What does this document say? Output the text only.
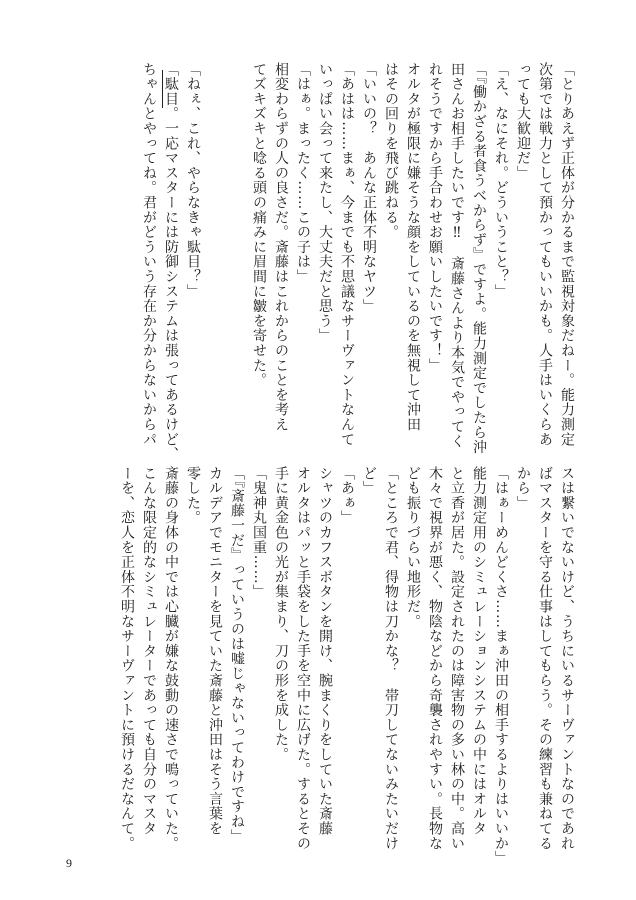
「とりあえず正体が分かるまで監視対象だねー。能力測定
次第では戦力として預かってもいいかも。人手はいくらあ
っても大歓迎だ」
「え、なにそれ。どういうこと？」
「『働かざる者食うべからず』ですよ。能力測定でしたら沖
田さんお相手したいです‼　斎藤さんより本気でやってく
れそうですから手合わせお願いしたいです！」
オルタが極限に嫌そうな顔をしているのを無視して沖田
はその回りを飛び跳ねる。
「いいの？　あんな正体不明なヤツ」
「あはは……まぁ、今までも不思議なサーヴァントなんて
いっぱい会って来たし、大丈夫だと思う」
「はぁ。まったく……この子は」
相変わらずの人の良さだ。斎藤はこれからのことを考え
てズキズキと唸る頭の痛みに眉間に皺を寄せた。

「ねぇ、これ、やらなきゃ駄目？」
「駄目。一応マスターには防御システムは張ってあるけど、
ちゃんとやってね。君がどういう存在か分からないからパ
スは繋いでないけど、うちにいるサーヴァントなのであれ
ばマスターを守る仕事はしてもらう。その練習も兼ねてる
から」
「はぁーめんどくさ……まぁ沖田の相手するよりはいいか」
能力測定用のシミュレーションシステムの中にはオルタ
と立香が居た。設定されたのは障害物の多い林の中。高い
木々で視界が悪く、物陰などから奇襲されやすい。長物な
ども振りづらい地形だ。
「ところで君、得物は刀かな？　帯刀してないみたいだけ
ど」
「あぁ」
シャツのカフスボタンを開け、腕まくりをしていた斎藤
オルタはパッと手袋をした手を空中に広げた。するとその
手に黄金色の光が集まり、刀の形を成した。
「鬼神丸国重……」
「『斎藤一だ』っていうのは嘘じゃないってわけですね」
カルデアでモニターを見ていた斎藤と沖田はそう言葉を
零した。
斎藤の身体の中では心臓が嫌な鼓動の速さで鳴っていた。
こんな限定的なシミュレーターであっても自分のマスタ
ーを、恋人を正体不明なサーヴァントに預けるだなんて。
9
